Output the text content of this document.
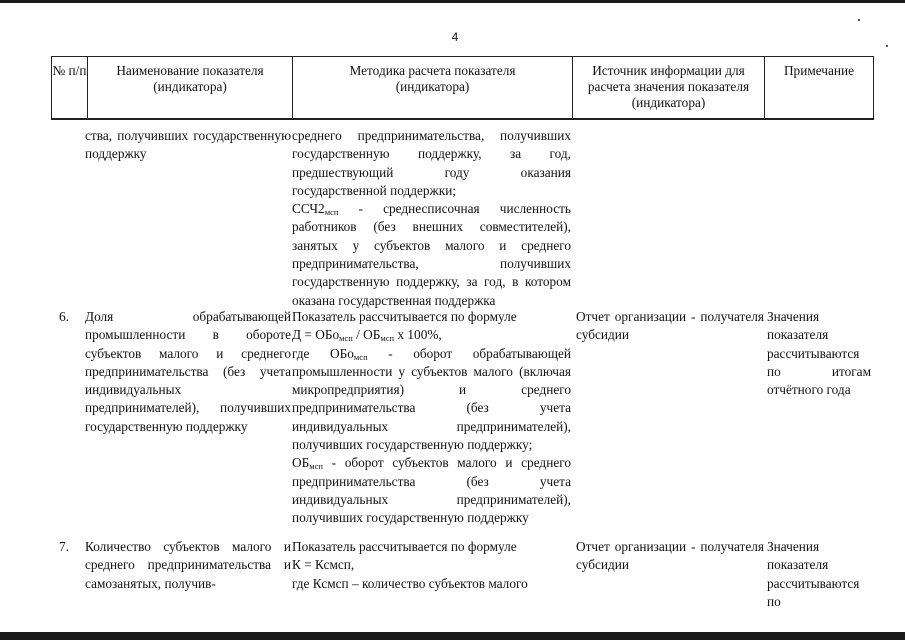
4
№ п/п	Наименование показателя (индикатора)
Методика расчета показателя (индикатора)
Источник информации для расчета значения показателя (индикатора)
Примечание
ства, получивших государственную поддержку
среднего предпринимательства, получивших государственную поддержку, за год, предшествующий году оказания государственной поддержки;
$ССЧ2_{мсп}$ - среднесписочная численность работников (без внешних совместителей), занятых у субъектов малого и среднего предпринимательства, получивших государственную поддержку, за год, в котором оказана государственная поддержка
6. Доля обрабатывающей промышленности в обороте субъектов малого и среднего предпринимательства (без учета индивидуальных предпринимателей), получивших государственную поддержку
Показатель рассчитывается по формуле
$Д = ОБо_{мсп} / ОБ_{мсп}$ x 100%,
где ОБо$_{мсп}$ - оборот обрабатывающей промышленности у субъектов малого (включая микропредприятия) и среднего предпринимательства (без учета индивидуальных предпринимателей), получивших государственную поддержку;
$ОБ_{мсп}$ - оборот субъектов малого и среднего предпринимательства (без учета индивидуальных предпринимателей), получивших государственную поддержку
Отчет организации - получателя субсидии
Значения показателя рассчитываются по итогам отчётного года
7. Количество субъектов малого и среднего предпринимательства и самозанятых, получив-
Показатель рассчитывается по формуле
К = Ксмсп,
где Ксмсп – количество субъектов малого
Отчет организации - получателя субсидии
Значения показателя рассчитываются по
